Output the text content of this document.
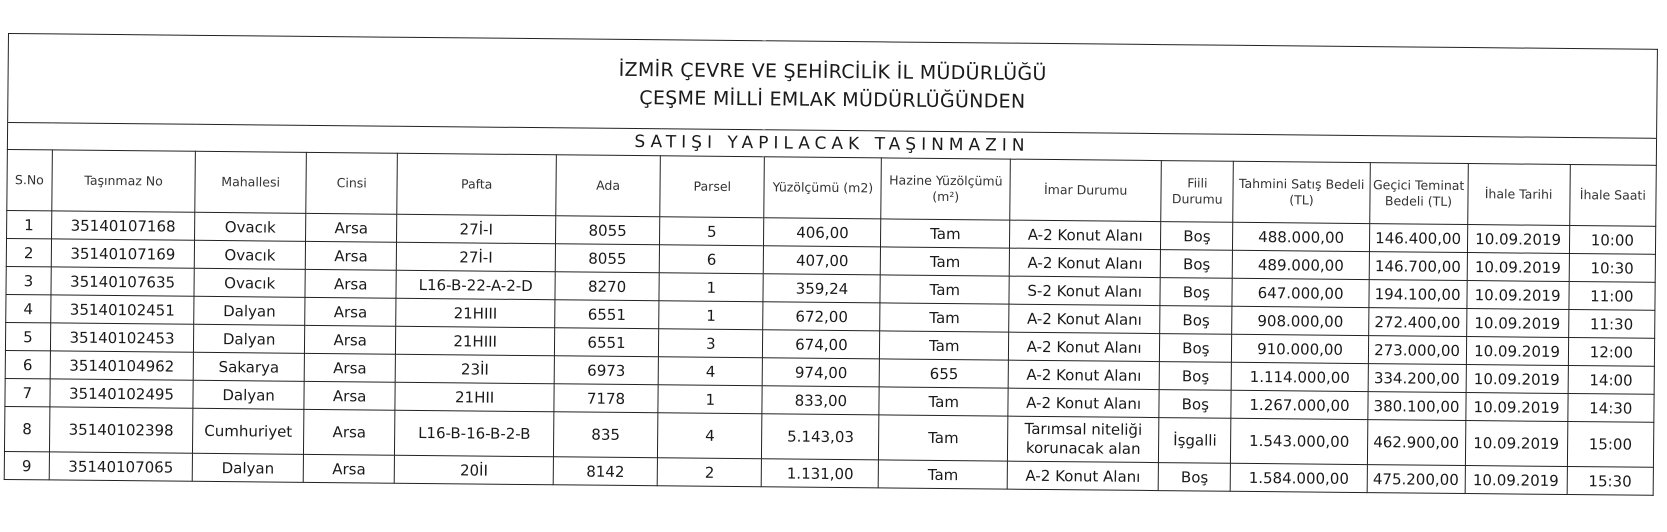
İZMİR ÇEVRE VE ŞEHİRCİLİK İL MÜDÜRLÜĞÜ
ÇEŞME MİLLİ EMLAK MÜDÜRLÜĞÜNDEN														

SATIŞI YAPILACAK TAŞINMAZIN														
S.No	Taşınmaz No	Mahallesi	Cinsi	Pafta	Ada	Parsel	Yüzölçümü (m2)	Hazine Yüzölçümü (m²)	İmar Durumu	Fiili Durumu	Tahmini Satış Bedeli (TL)	Geçici Teminat Bedeli (TL)	İhale Tarihi	İhale Saati
1	35140107168	Ovacık	Arsa	27İ-I	8055	5	406,00	Tam	A-2 Konut Alanı	Boş	488.000,00	146.400,00	10.09.2019	10:00
2	35140107169	Ovacık	Arsa	27İ-I	8055	6	407,00	Tam	A-2 Konut Alanı	Boş	489.000,00	146.700,00	10.09.2019	10:30
3	35140107635	Ovacık	Arsa	L16-B-22-A-2-D	8270	1	359,24	Tam	S-2 Konut Alanı	Boş	647.000,00	194.100,00	10.09.2019	11:00
4	35140102451	Dalyan	Arsa	21HIII	6551	1	672,00	Tam	A-2 Konut Alanı	Boş	908.000,00	272.400,00	10.09.2019	11:30
5	35140102453	Dalyan	Arsa	21HIII	6551	3	674,00	Tam	A-2 Konut Alanı	Boş	910.000,00	273.000,00	10.09.2019	12:00
6	35140104962	Sakarya	Arsa	23İI	6973	4	974,00	655	A-2 Konut Alanı	Boş	1.114.000,00	334.200,00	10.09.2019	14:00
7	35140102495	Dalyan	Arsa	21HII	7178	1	833,00	Tam	A-2 Konut Alanı	Boş	1.267.000,00	380.100,00	10.09.2019	14:30
8	35140102398	Cumhuriyet	Arsa	L16-B-16-B-2-B	835	4	5.143,03	Tam	Tarımsal niteliği korunacak alan	İşgalli	1.543.000,00	462.900,00	10.09.2019	15:00
9	35140107065	Dalyan	Arsa	20İI	8142	2	1.131,00	Tam	A-2 Konut Alanı	Boş	1.584.000,00	475.200,00	10.09.2019	15:30
